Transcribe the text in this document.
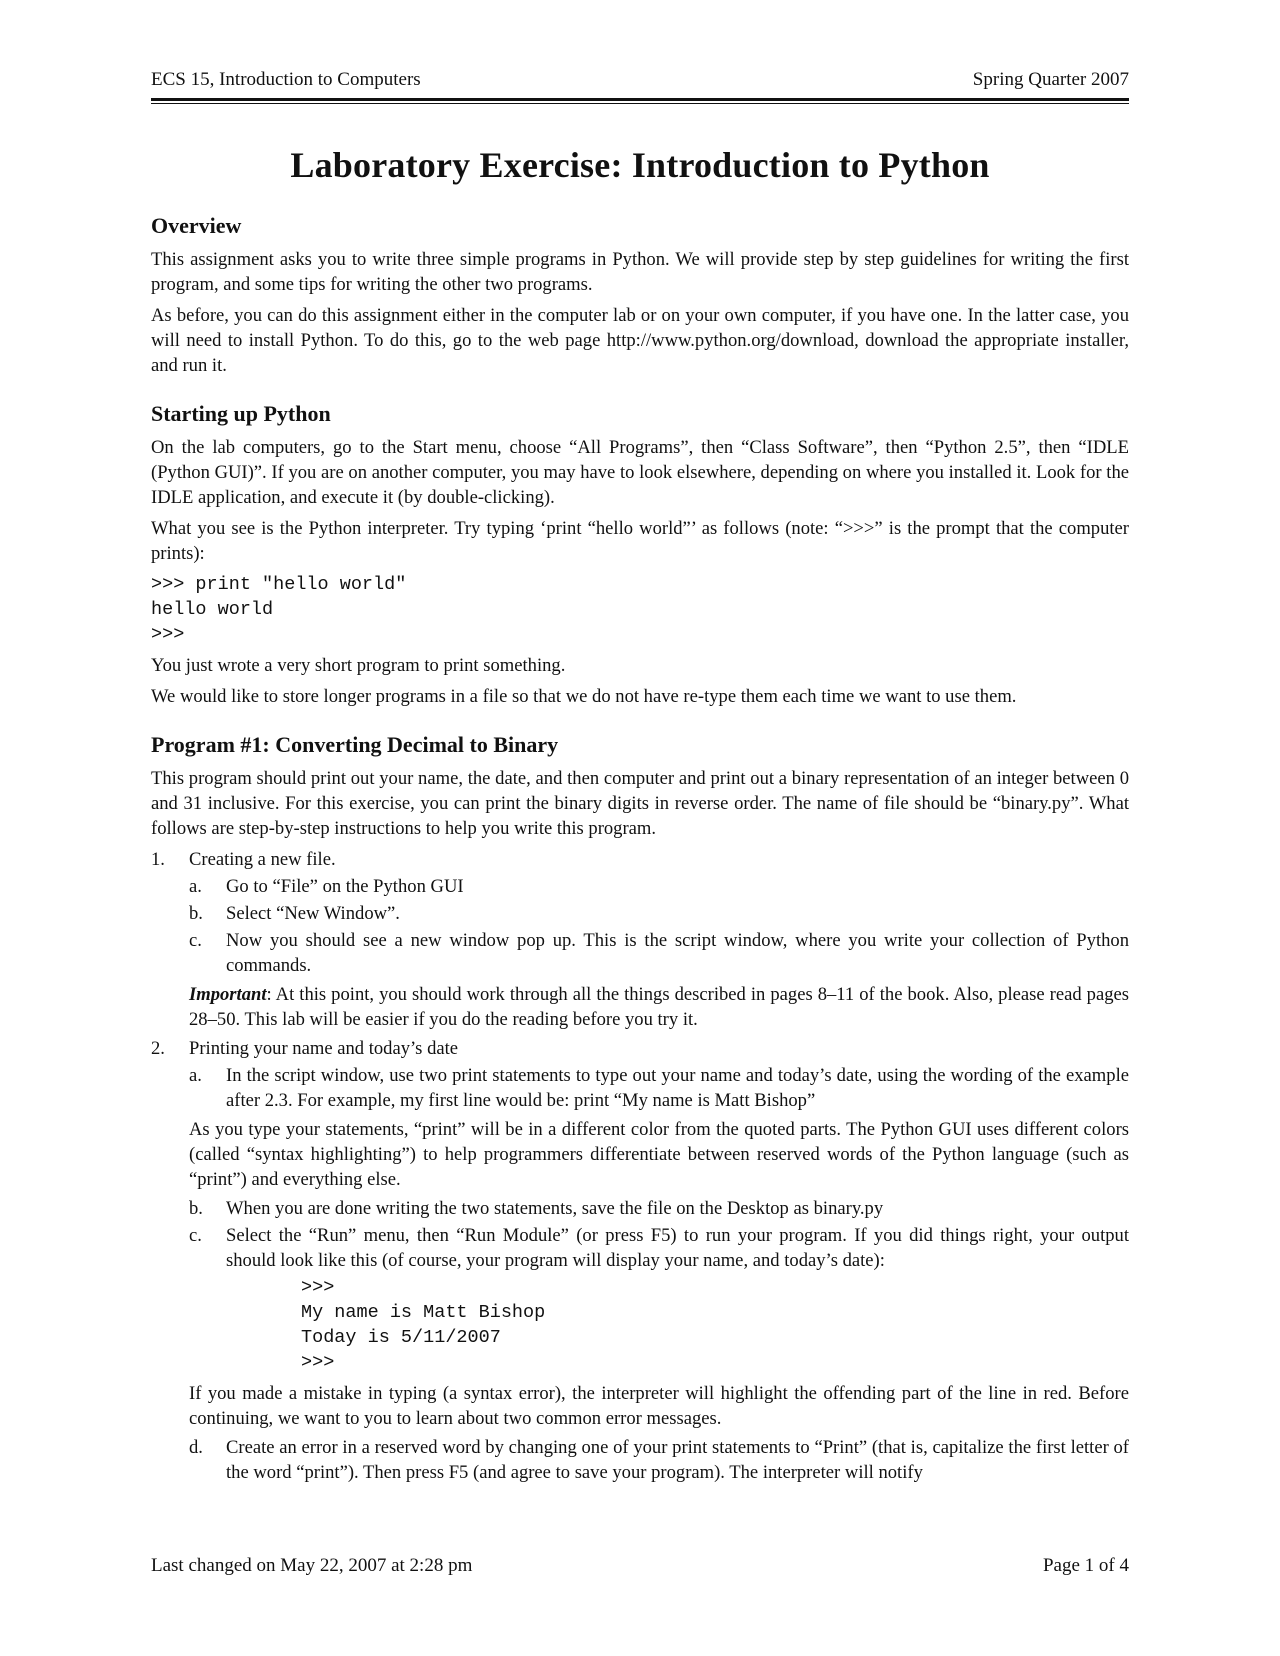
ECS 15, Introduction to Computers	Spring Quarter 2007
Laboratory Exercise: Introduction to Python
Overview

This assignment asks you to write three simple programs in Python. We will provide step by step guidelines for writing the first program, and some tips for writing the other two programs.

As before, you can do this assignment either in the computer lab or on your own computer, if you have one. In the latter case, you will need to install Python. To do this, go to the web page http://www.python.org/download, download the appropriate installer, and run it.

Starting up Python

On the lab computers, go to the Start menu, choose “All Programs”, then “Class Software”, then “Python 2.5”, then “IDLE (Python GUI)”. If you are on another computer, you may have to look elsewhere, depending on where you installed it. Look for the IDLE application, and execute it (by double-clicking).

What you see is the Python interpreter. Try typing ‘print “hello world”’ as follows (note: “>>>” is the prompt that the computer prints):

>>> print "hello world"
hello world
>>>

You just wrote a very short program to print something.

We would like to store longer programs in a file so that we do not have re-type them each time we want to use them.

Program #1: Converting Decimal to Binary

This program should print out your name, the date, and then computer and print out a binary representation of an integer between 0 and 31 inclusive. For this exercise, you can print the binary digits in reverse order. The name of file should be “binary.py”. What follows are step-by-step instructions to help you write this program.

1. Creating a new file.
a. Go to “File” on the Python GUI
b. Select “New Window”.
c. Now you should see a new window pop up. This is the script window, where you write your collection of Python commands.
Important: At this point, you should work through all the things described in pages 8–11 of the book. Also, please read pages 28–50. This lab will be easier if you do the reading before you try it.
2. Printing your name and today’s date
a. In the script window, use two print statements to type out your name and today’s date, using the wording of the example after 2.3. For example, my first line would be: print “My name is Matt Bishop”
As you type your statements, “print” will be in a different color from the quoted parts. The Python GUI uses different colors (called “syntax highlighting”) to help programmers differentiate between reserved words of the Python language (such as “print”) and everything else.
b. When you are done writing the two statements, save the file on the Desktop as binary.py
c. Select the “Run” menu, then “Run Module” (or press F5) to run your program. If you did things right, your output should look like this (of course, your program will display your name, and today’s date):
>>>
My name is Matt Bishop
Today is 5/11/2007
>>>
If you made a mistake in typing (a syntax error), the interpreter will highlight the offending part of the line in red. Before continuing, we want to you to learn about two common error messages.
d. Create an error in a reserved word by changing one of your print statements to “Print” (that is, capitalize the first letter of the word “print”). Then press F5 (and agree to save your program). The interpreter will notify
Last changed on May 22, 2007 at 2:28 pm	Page 1 of 4
